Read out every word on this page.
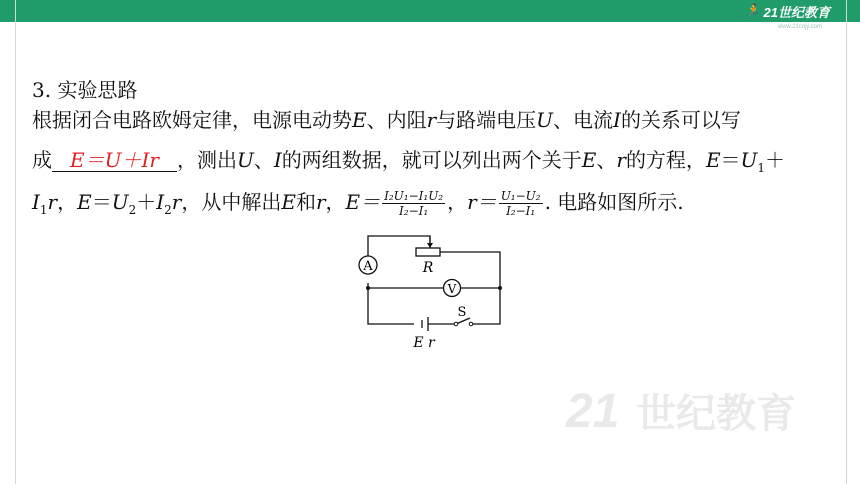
🏃 21世纪教育
www.21cnjy.com
3. 实验思路
根据闭合电路欧姆定律，电源电动势E、内阻r与路端电压U、电流I的关系可以写
成 E＝U＋Ir ，测出U、I的两组数据，就可以列出两个关于E、r的方程，$E=U_1+$
$I_1r$，$E=U_2+I_2r$，从中解出E和r，$E= \frac{\text{I₂U₁−I₁U₂}}{\text{I₂−I₁}}$ ，$r= \frac{\text{U₁−U₂}}{\text{I₂−I₁}}$ . 电路如图所示.
A
V
R
S
E r
21 世纪教育
